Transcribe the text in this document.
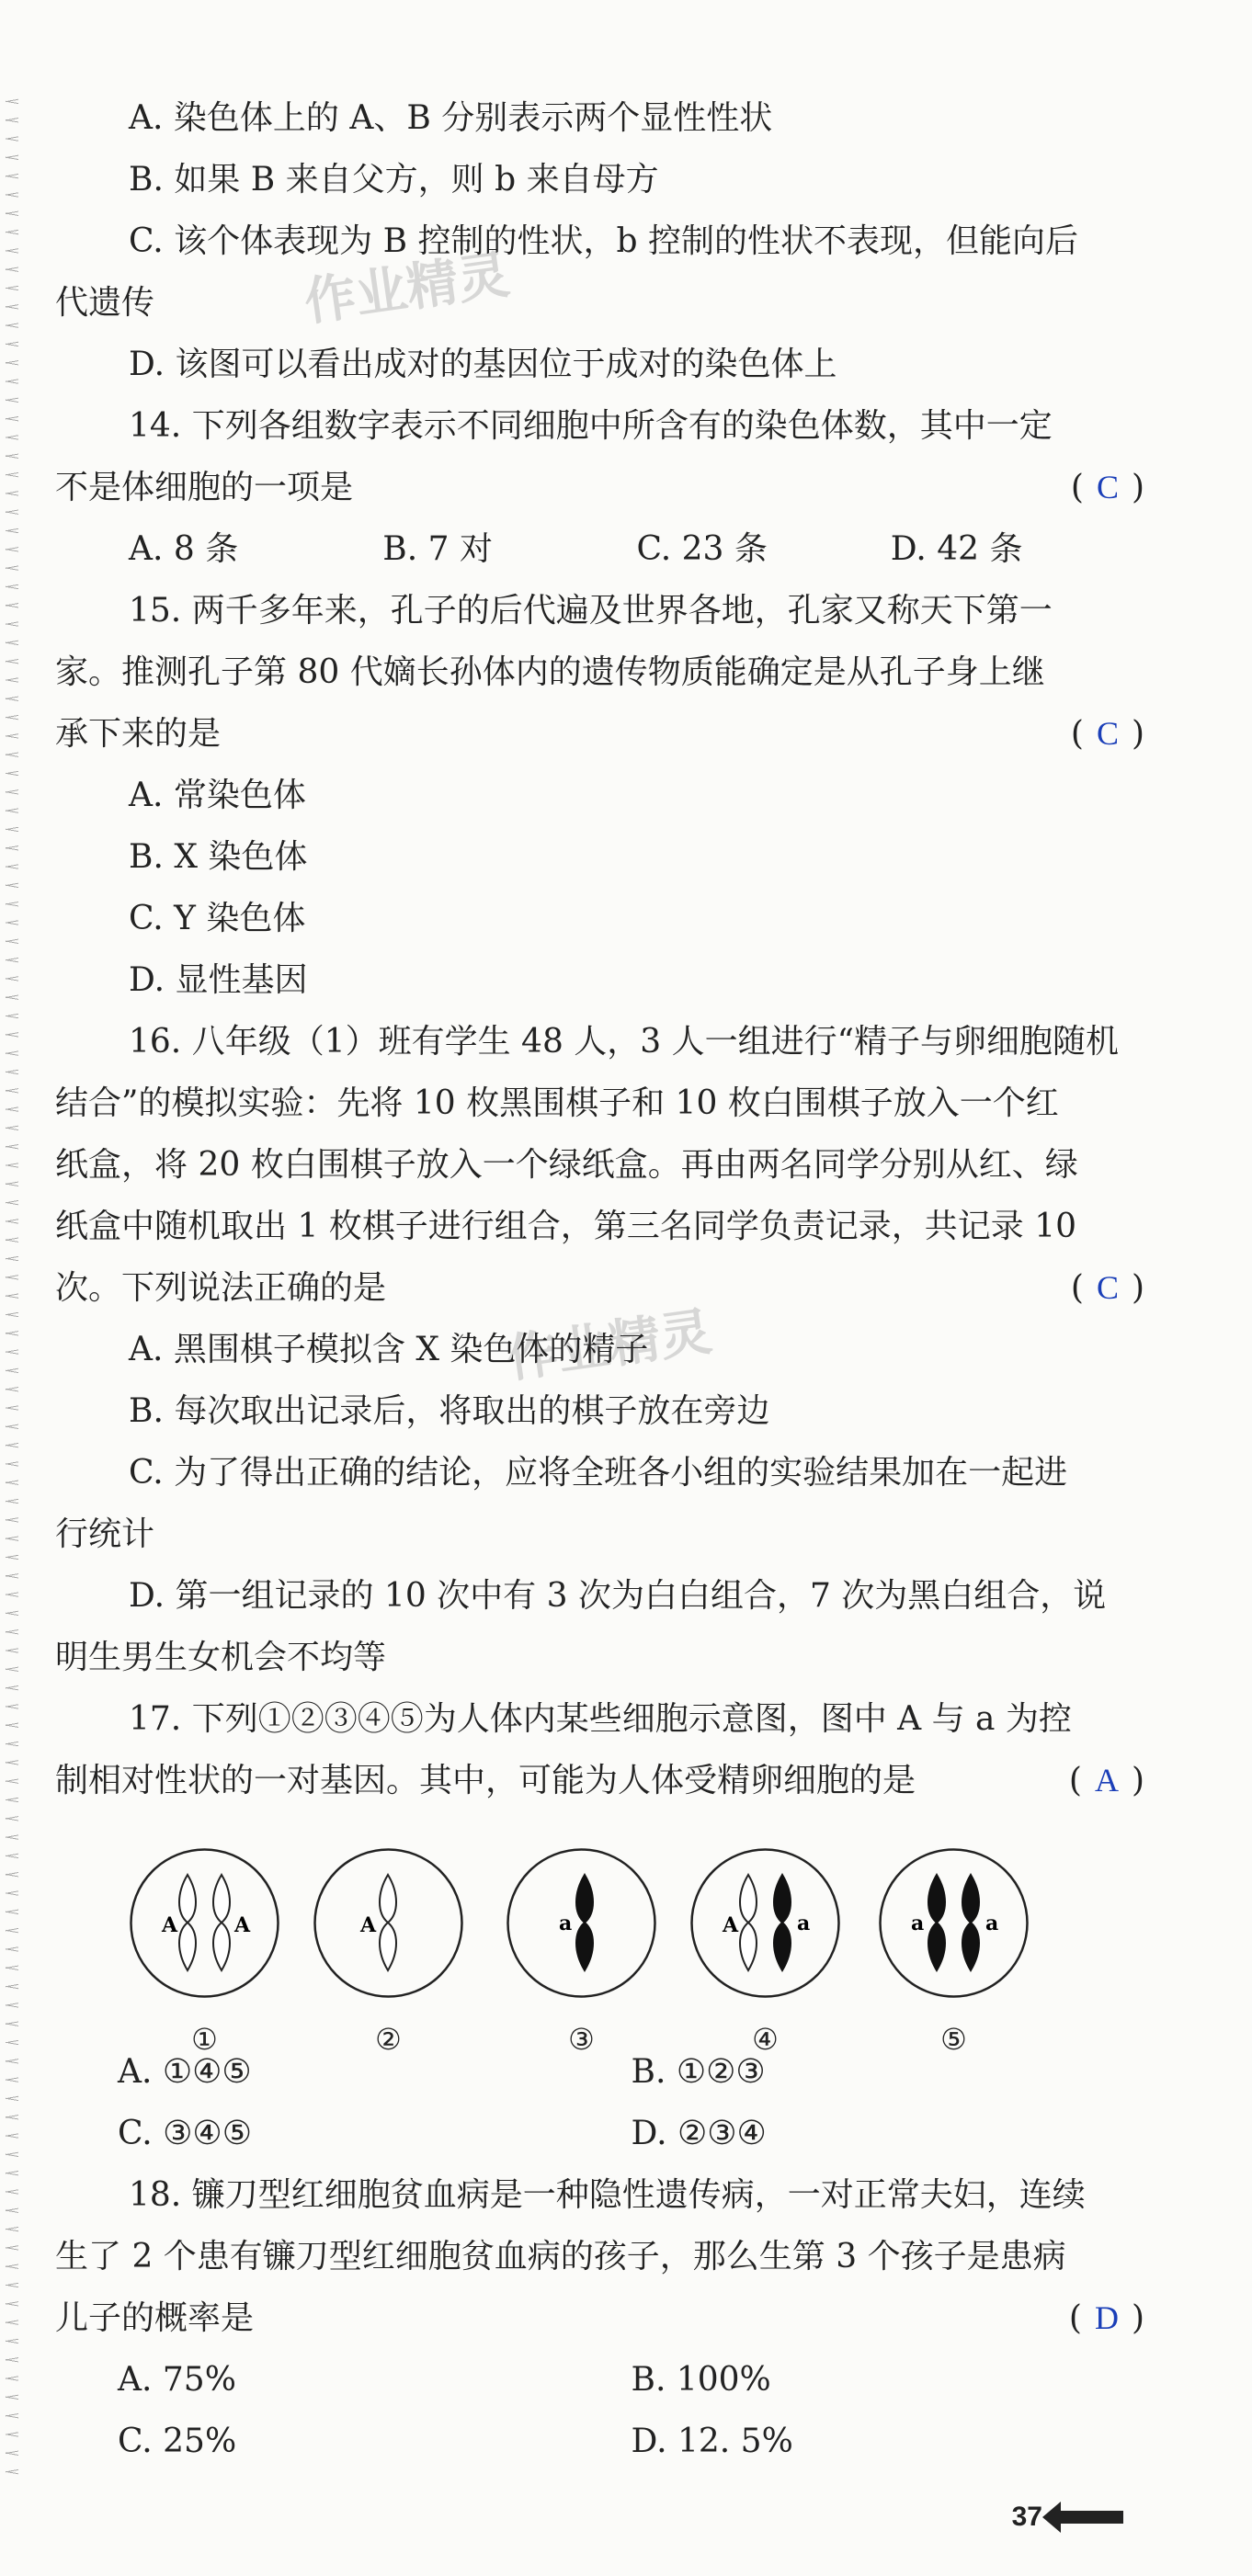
作业精灵
作业精灵
A. 染色体上的 A、B 分别表示两个显性性状
B. 如果 B 来自父方，则 b 来自母方
C. 该个体表现为 B 控制的性状，b 控制的性状不表现，但能向后
代遗传
D. 该图可以看出成对的基因位于成对的染色体上
14. 下列各组数字表示不同细胞中所含有的染色体数，其中一定
不是体细胞的一项是	( C )
A. 8 条	B. 7 对	C. 23 条	D. 42 条
15. 两千多年来，孔子的后代遍及世界各地，孔家又称天下第一
家。推测孔子第 80 代嫡长孙体内的遗传物质能确定是从孔子身上继
承下来的是	( C )
A. 常染色体
B. X 染色体
C. Y 染色体
D. 显性基因
16. 八年级（1）班有学生 48 人，3 人一组进行“精子与卵细胞随机
结合”的模拟实验：先将 10 枚黑围棋子和 10 枚白围棋子放入一个红
纸盒，将 20 枚白围棋子放入一个绿纸盒。再由两名同学分别从红、绿
纸盒中随机取出 1 枚棋子进行组合，第三名同学负责记录，共记录 10
次。下列说法正确的是	( C )
A. 黑围棋子模拟含 X 染色体的精子
B. 每次取出记录后，将取出的棋子放在旁边
C. 为了得出正确的结论，应将全班各小组的实验结果加在一起进
行统计
D. 第一组记录的 10 次中有 3 次为白白组合，7 次为黑白组合，说
明生男生女机会不均等
17. 下列①②③④⑤为人体内某些细胞示意图，图中 A 与 a 为控
制相对性状的一对基因。其中，可能为人体受精卵细胞的是	( A )
A. ①④⑤	B. ①②③
C. ③④⑤	D. ②③④
18. 镰刀型红细胞贫血病是一种隐性遗传病，一对正常夫妇，连续
生了 2 个患有镰刀型红细胞贫血病的孩子，那么生第 3 个孩子是患病
儿子的概率是	( D )
A. 75%	B. 100%
C. 25%	D. 12. 5%
A	A	A	a	A	a	a	a
①	②	③	④	⑤
37
